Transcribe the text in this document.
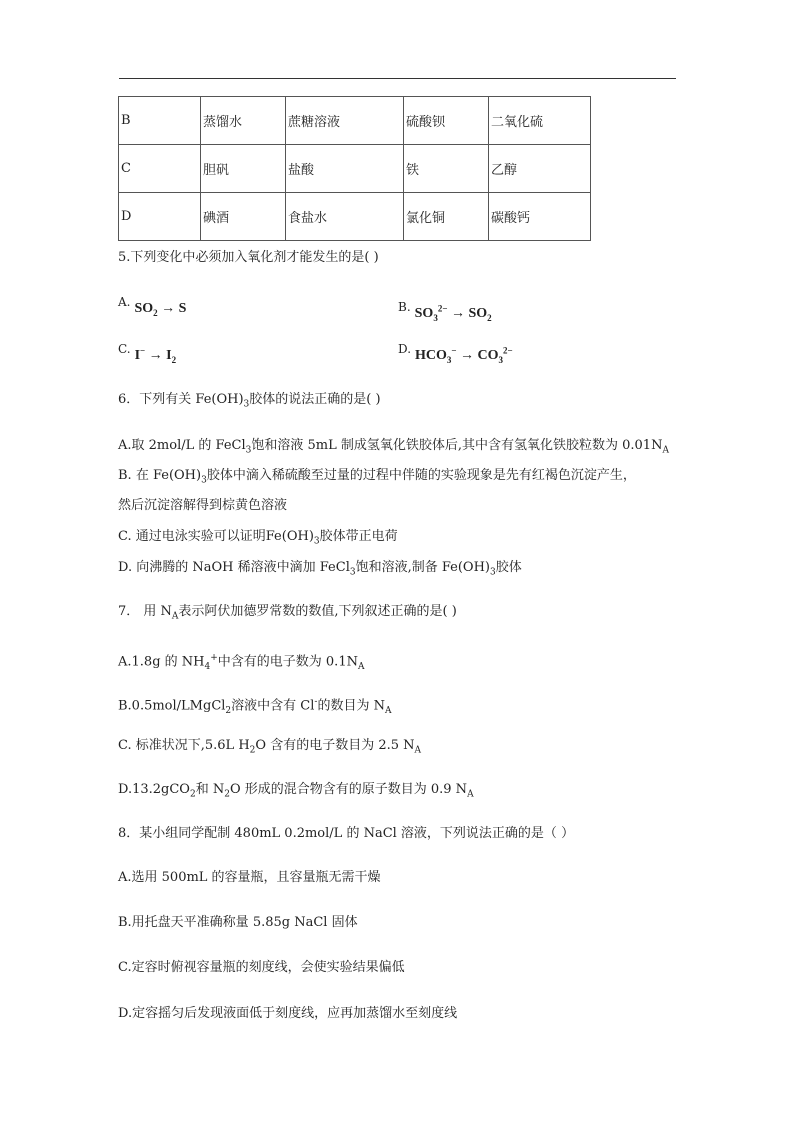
B	蒸馏水	蔗糖溶液	硫酸钡	二氧化硫
C	胆矾	盐酸	铁	乙醇
D	碘酒	食盐水	氯化铜	碳酸钙
5.下列变化中必须加入氧化剂才能发生的是( )
A. $SO_2 \to S$	B. $SO_3^{2-} \to SO_2$
C. $I^- \to I_2$
D. $HCO_3^- \to CO_3^{2-}$
6．下列有关 $Fe(OH)_3$胶体的说法正确的是( )
A.取 2mol/L 的 FeCl$_3$饱和溶液 5mL 制成氢氧化铁胶体后,其中含有氢氧化铁胶粒数为 $0.01N_A$
B. 在 $Fe(OH)_3$胶体中滴入稀硫酸至过量的过程中伴随的实验现象是先有红褐色沉淀产生，
然后沉淀溶解得到棕黄色溶液
C. 通过电泳实验可以证明$Fe(OH)_3$胶体带正电荷
D. 向沸腾的 NaOH 稀溶液中滴加 FeCl$_3$饱和溶液,制备 $Fe(OH)_3$胶体
7． 用 $N_A$表示阿伏加德罗常数的数值,下列叙述正确的是( )
A.1.8g 的 $NH_4^+$中含有的电子数为 $0.1N_A$
B.0.5mol/LMgCl$_2$溶液中含有 Cl-的数目为 $N_A$
C. 标准状况下,5.6L $H_2O$ 含有的电子数目为 2.5 $N_A$
D.13.2gCO$_2$和 $N_2O$ 形成的混合物含有的原子数目为 0.9 $N_A$
8．某小组同学配制 480mL 0.2mol/L 的 NaCl 溶液，下列说法正确的是（ ）
A.选用 500mL 的容量瓶，且容量瓶无需干燥
B.用托盘天平准确称量 5.85g NaCl 固体
C.定容时俯视容量瓶的刻度线，会使实验结果偏低
D.定容摇匀后发现液面低于刻度线，应再加蒸馏水至刻度线
